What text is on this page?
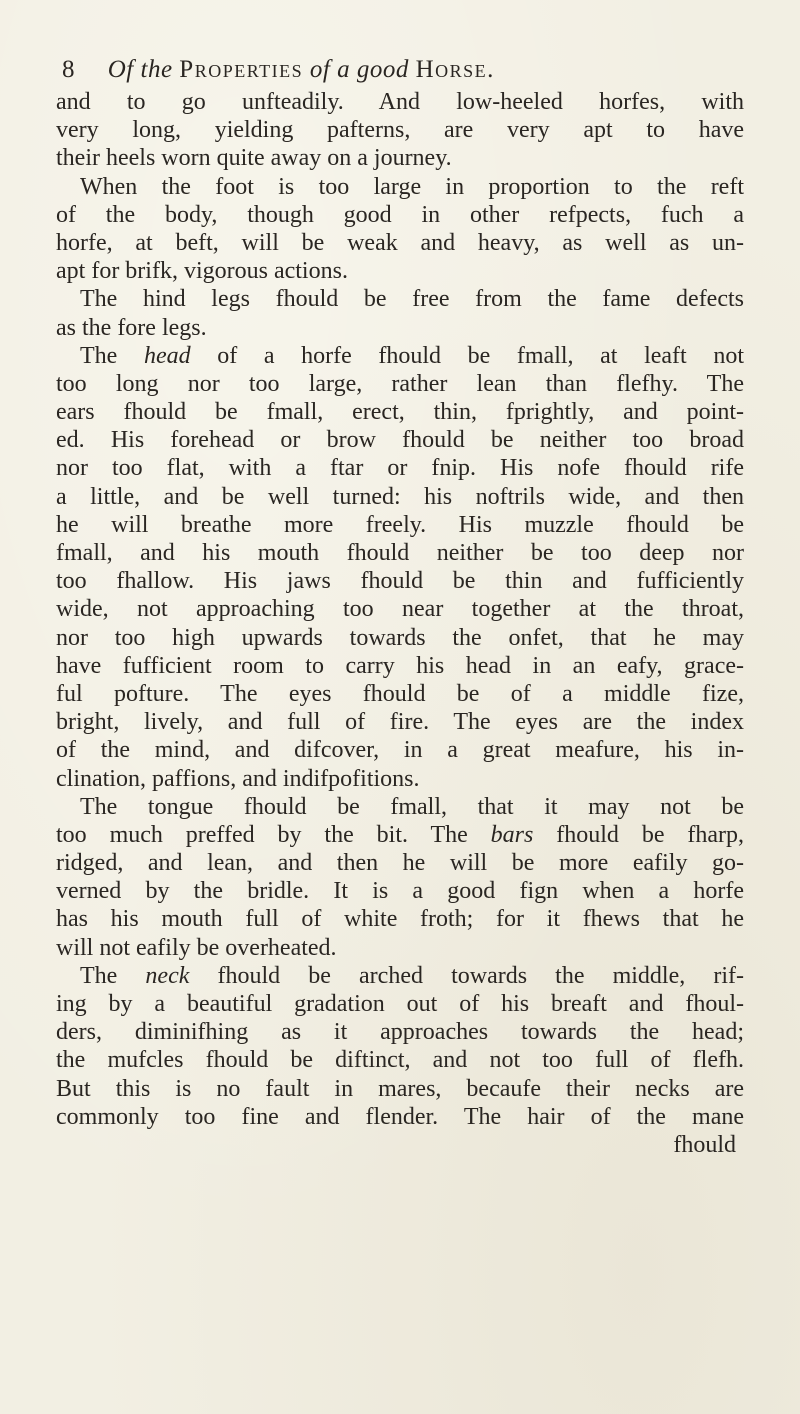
8 Of the Properties of a good Horse.
and to go unfteadily. And low-heeled horfes, with
very long, yielding pafterns, are very apt to have
their heels worn quite away on a journey.
When the foot is too large in proportion to the reft
of the body, though good in other refpects, fuch a
horfe, at beft, will be weak and heavy, as well as un-
apt for brifk, vigorous actions.
The hind legs fhould be free from the fame defects
as the fore legs.
The head of a horfe fhould be fmall, at leaft not
too long nor too large, rather lean than flefhy. The
ears fhould be fmall, erect, thin, fprightly, and point-
ed. His forehead or brow fhould be neither too broad
nor too flat, with a ftar or fnip. His nofe fhould rife
a little, and be well turned: his noftrils wide, and then
he will breathe more freely. His muzzle fhould be
fmall, and his mouth fhould neither be too deep nor
too fhallow. His jaws fhould be thin and fufficiently
wide, not approaching too near together at the throat,
nor too high upwards towards the onfet, that he may
have fufficient room to carry his head in an eafy, grace-
ful pofture. The eyes fhould be of a middle fize,
bright, lively, and full of fire. The eyes are the index
of the mind, and difcover, in a great meafure, his in-
clination, paffions, and indifpofitions.
The tongue fhould be fmall, that it may not be
too much preffed by the bit. The bars fhould be fharp,
ridged, and lean, and then he will be more eafily go-
verned by the bridle. It is a good fign when a horfe
has his mouth full of white froth; for it fhews that he
will not eafily be overheated.
The neck fhould be arched towards the middle, rif-
ing by a beautiful gradation out of his breaft and fhoul-
ders, diminifhing as it approaches towards the head;
the mufcles fhould be diftinct, and not too full of flefh.
But this is no fault in mares, becaufe their necks are
commonly too fine and flender. The hair of the mane
fhould
